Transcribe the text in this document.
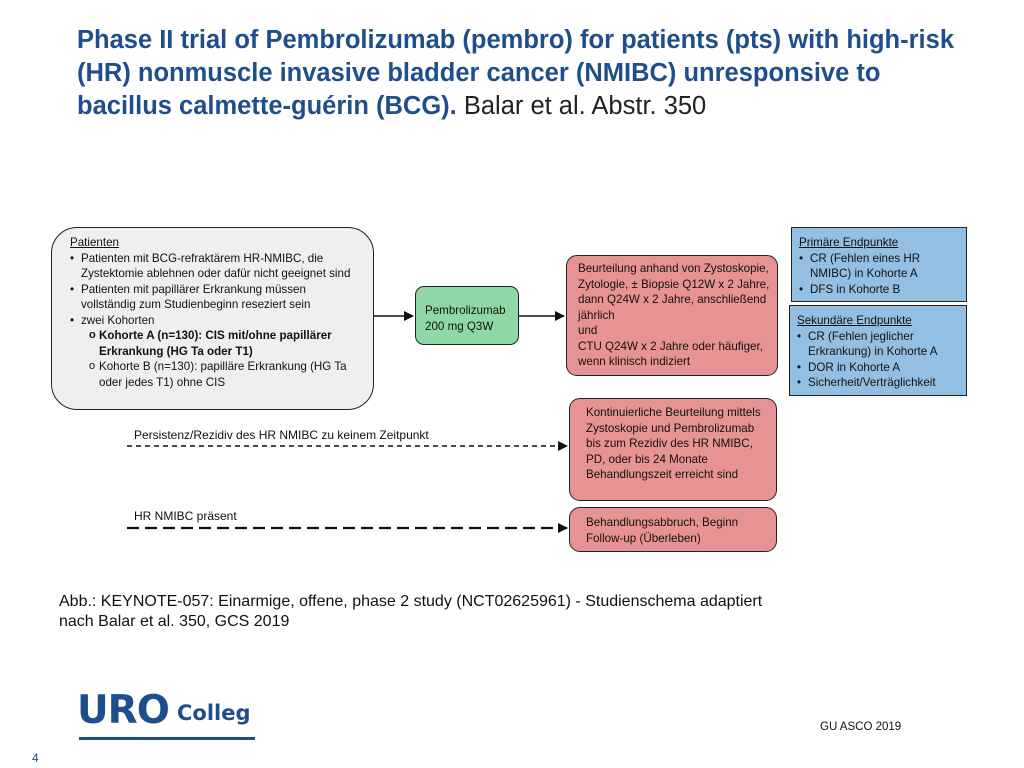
Phase II trial of Pembrolizumab (pembro) for patients (pts) with high-risk (HR) nonmuscle invasive bladder cancer (NMIBC) unresponsive to bacillus calmette-guérin (BCG). Balar et al. Abstr. 350
Patienten
• Patienten mit BCG-refraktärem HR-NMIBC, die Zystektomie ablehnen oder dafür nicht geeignet sind
• Patienten mit papillärer Erkrankung müssen vollständig zum Studienbeginn reseziert sein
• zwei Kohorten
o Kohorte A (n=130): CIS mit/ohne papillärer Erkrankung (HG Ta oder T1)
o Kohorte B (n=130): papilläre Erkrankung (HG Ta oder jedes T1) ohne CIS
Pembrolizumab
200 mg Q3W
Beurteilung anhand von Zystoskopie, Zytologie, ± Biopsie Q12W x 2 Jahre, dann Q24W x 2 Jahre, anschließend jährlich
und
CTU Q24W x 2 Jahre oder häufiger, wenn klinisch indiziert
Kontinuierliche Beurteilung mittels Zystoskopie und Pembrolizumab bis zum Rezidiv des HR NMIBC, PD, oder bis 24 Monate Behandlungszeit erreicht sind
Behandlungsabbruch, Beginn Follow-up (Überleben)
Persistenz/Rezidiv des HR NMIBC zu keinem Zeitpunkt
HR NMIBC präsent
Primäre Endpunkte
• CR (Fehlen eines HR NMIBC) in Kohorte A
• DFS in Kohorte B
Sekundäre Endpunkte
• CR (Fehlen jeglicher Erkrankung) in Kohorte A
• DOR in Kohorte A
• Sicherheit/Verträglichkeit
Abb.: KEYNOTE-057: Einarmige, offene, phase 2 study (NCT02625961) - Studienschema adaptiert nach Balar et al. 350, GCS 2019
URO Colleg
GU ASCO 2019
4
